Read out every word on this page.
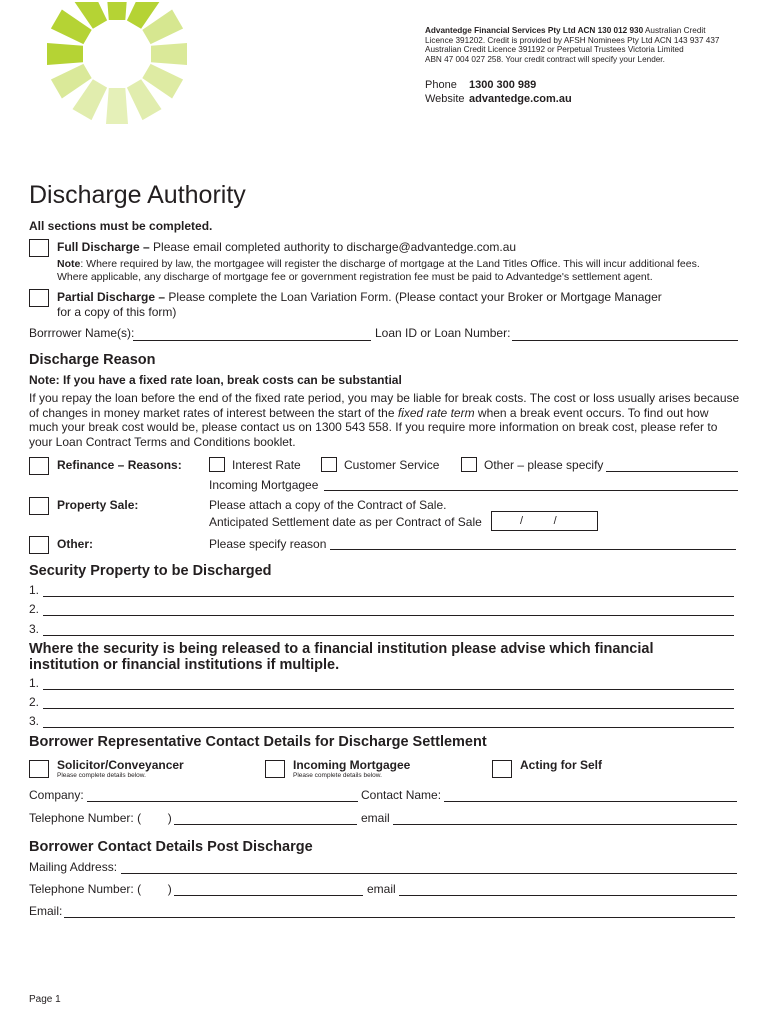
Advantedge Financial Services Pty Ltd ACN 130 012 930 Australian Credit
Licence 391202. Credit is provided by AFSH Nominees Pty Ltd ACN 143 937 437
Australian Credit Licence 391192 or Perpetual Trustees Victoria Limited
ABN 47 004 027 258. Your credit contract will specify your Lender.
Phone 1300 300 989
Website advantedge.com.au
Discharge Authority
All sections must be completed.
Full Discharge – Please email completed authority to discharge@advantedge.com.au
Note: Where required by law, the mortgagee will register the discharge of mortgage at the Land Titles Office. This will incur additional fees.
Where applicable, any discharge of mortgage fee or government registration fee must be paid to Advantedge's settlement agent.
Partial Discharge – Please complete the Loan Variation Form. (Please contact your Broker or Mortgage Manager
for a copy of this form)
Borrrower Name(s):	Loan ID or Loan Number:
Discharge Reason
Note: If you have a fixed rate loan, break costs can be substantial
If you repay the loan before the end of the fixed rate period, you may be liable for break costs. The cost or loss usually arises because of changes in money market rates of interest between the start of the fixed rate term when a break event occurs. To find out how much your break cost would be, please contact us on 1300 543 558. If you require more information on break cost, please refer to your Loan Contract Terms and Conditions booklet.
Refinance – Reasons:	Interest Rate	Customer Service	Other – please specify
Incoming Mortgagee
Property Sale:	Please attach a copy of the Contract of Sale.
Anticipated Settlement date as per Contract of Sale	/          /
Other:	Please specify reason
Security Property to be Discharged
1.
2.
3.
Where the security is being released to a financial institution please advise which financial
institution or financial institutions if multiple.
1.
2.
3.
Borrower Representative Contact Details for Discharge Settlement
Solicitor/Conveyancer
Please complete details below.
Incoming Mortgagee
Please complete details below.
Acting for Self
Company:	Contact Name:
Telephone Number: (        )	email
Borrower Contact Details Post Discharge
Mailing Address:
Telephone Number: (        )	email
Email:
Page 1
